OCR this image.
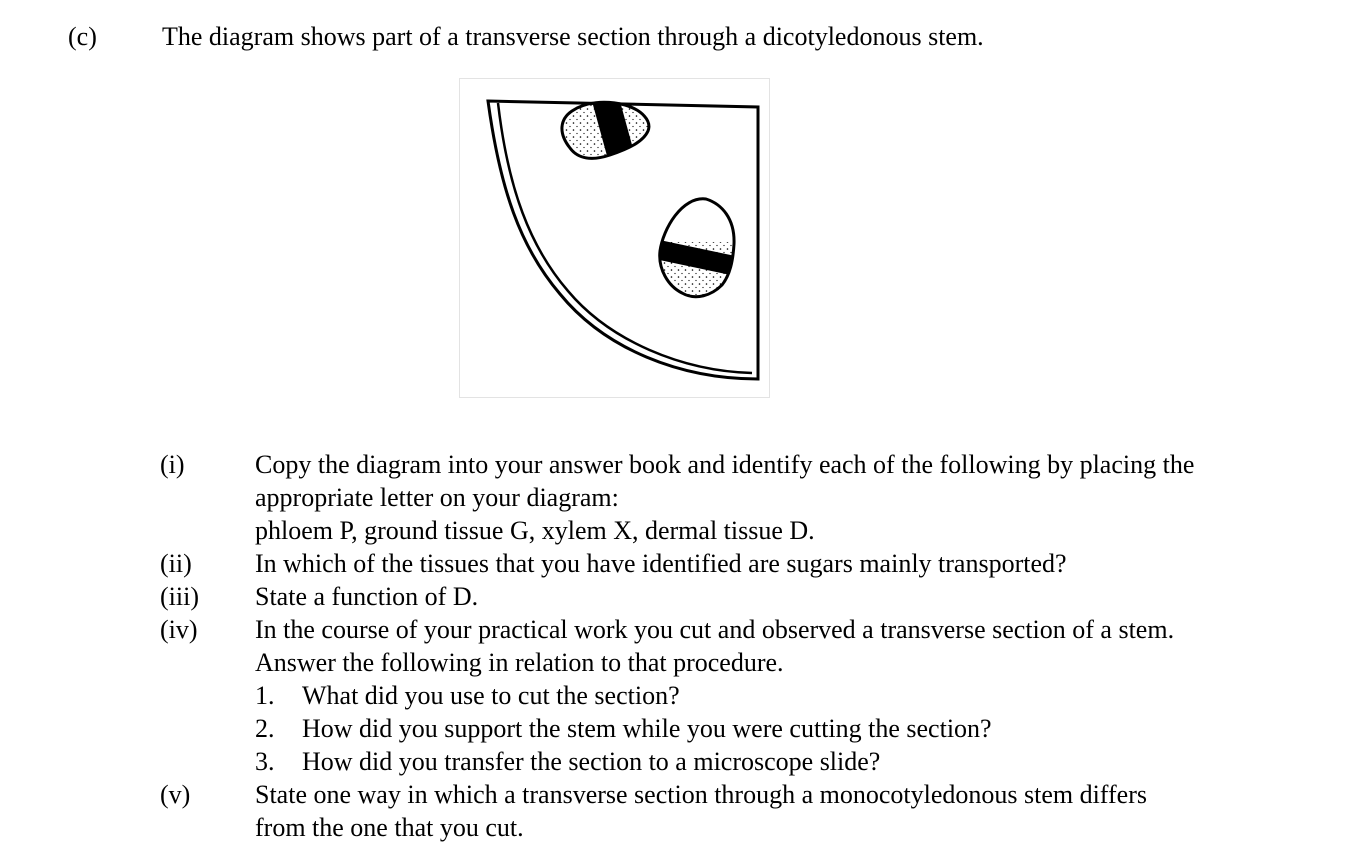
(c)	The diagram shows part of a transverse section through a dicotyledonous stem.
(i)	Copy the diagram into your answer book and identify each of the following by placing the
appropriate letter on your diagram:
phloem P, ground tissue G, xylem X, dermal tissue D.
(ii) In which of the tissues that you have identified are sugars mainly transported?
(iii) State a function of D.
(iv) In the course of your practical work you cut and observed a transverse section of a stem.
Answer the following in relation to that procedure.
1. What did you use to cut the section?
2. How did you support the stem while you were cutting the section?
3. How did you transfer the section to a microscope slide?
(v) State one way in which a transverse section through a monocotyledonous stem differs
from the one that you cut.
